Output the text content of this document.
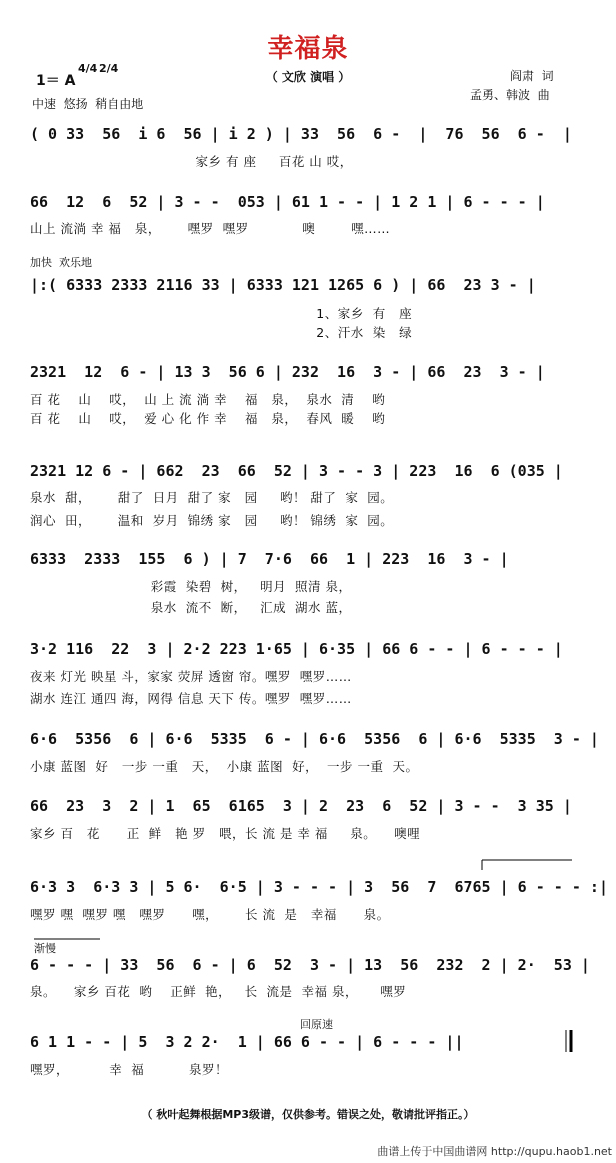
幸福泉
（ 文欣 演唱 ）
1＝ A
4/4 2/4
中速  悠扬  稍自由地
阎肃  词
孟勇、韩波  曲
( 0 33  56  i 6  56 | i 2 ) | 33  56  6 -  |  76  56  6 -  |
家乡 有 座     百花 山 哎，
66  12  6  52 | 3 - -  053 | 61 1 - - | 1 2 1 | 6 - - - |
山上 流淌 幸 福   泉，      嘿罗  嘿罗            噢        嘿……
加快  欢乐地
|:( 6333 2333 2116 33 | 6333 121 1265 6 ) | 66  23 3 - |
1、家乡  有   座
2、汗水  染   绿
2321  12  6 - | 13 3  56 6 | 232  16  3 - | 66  23  3 - |
百 花    山    哎，  山 上 流 淌 幸    福   泉，  泉水  清    哟
百 花    山    哎，  爱 心 化 作 幸    福   泉，  春风  暖    哟
2321 12 6 - | 662  23  66  52 | 3 - - 3 | 223  16  6 (035 |
泉水  甜，      甜了  日月  甜了 家   园     哟！ 甜了  家  园。
润心  田，      温和  岁月  锦绣 家   园     哟！ 锦绣  家  园。
6333  2333  155  6 ) | 7  7·6  66  1 | 223  16  3 - |
彩霞  染碧  树，   明月  照清 泉，
泉水  流不  断，   汇成  湖水 蓝，
3·2 116  22  3 | 2·2 223 1·65 | 6·35 | 66 6 - - | 6 - - - |
夜来 灯光 映星 斗，家家 荧屏 透窗 帘。嘿罗  嘿罗……
湖水 连江 通四 海，网得 信息 天下 传。嘿罗  嘿罗……
6·6  5356  6 | 6·6  5335  6 - | 6·6  5356  6 | 6·6  5335  3 - |
小康 蓝图  好   一步 一重   天，  小康 蓝图  好，  一步 一重  天。
66  23  3  2 | 1  65  6165  3 | 2  23  6  52 | 3 - -  3 35 |
家乡 百   花      正  鲜   艳 罗   喂，长 流 是 幸 福     泉。    噢哩
6·3 3  6·3 3 | 5 6·  6·5 | 3 - - - | 3  56  7  6765 | 6 - - - :|
嘿罗 嘿  嘿罗 嘿   嘿罗      嘿，      长 流  是   幸福      泉。
渐慢
6 - - - | 33  56  6 - | 6  52  3 - | 13  56  232  2 | 2·  53 |
泉。    家乡 百花  哟    正鲜  艳，   长  流是  幸福 泉，     嘿罗
回原速
6 1 1 - - | 5  3 2 2·  1 | 66 6 - - | 6 - - - ||
嘿罗，         幸  福          泉罗！
（ 秋叶起舞根据MP3级谱，仅供参考。错误之处，敬请批评指正。）
曲谱上传于中国曲谱网 http://qupu.haob1.net
